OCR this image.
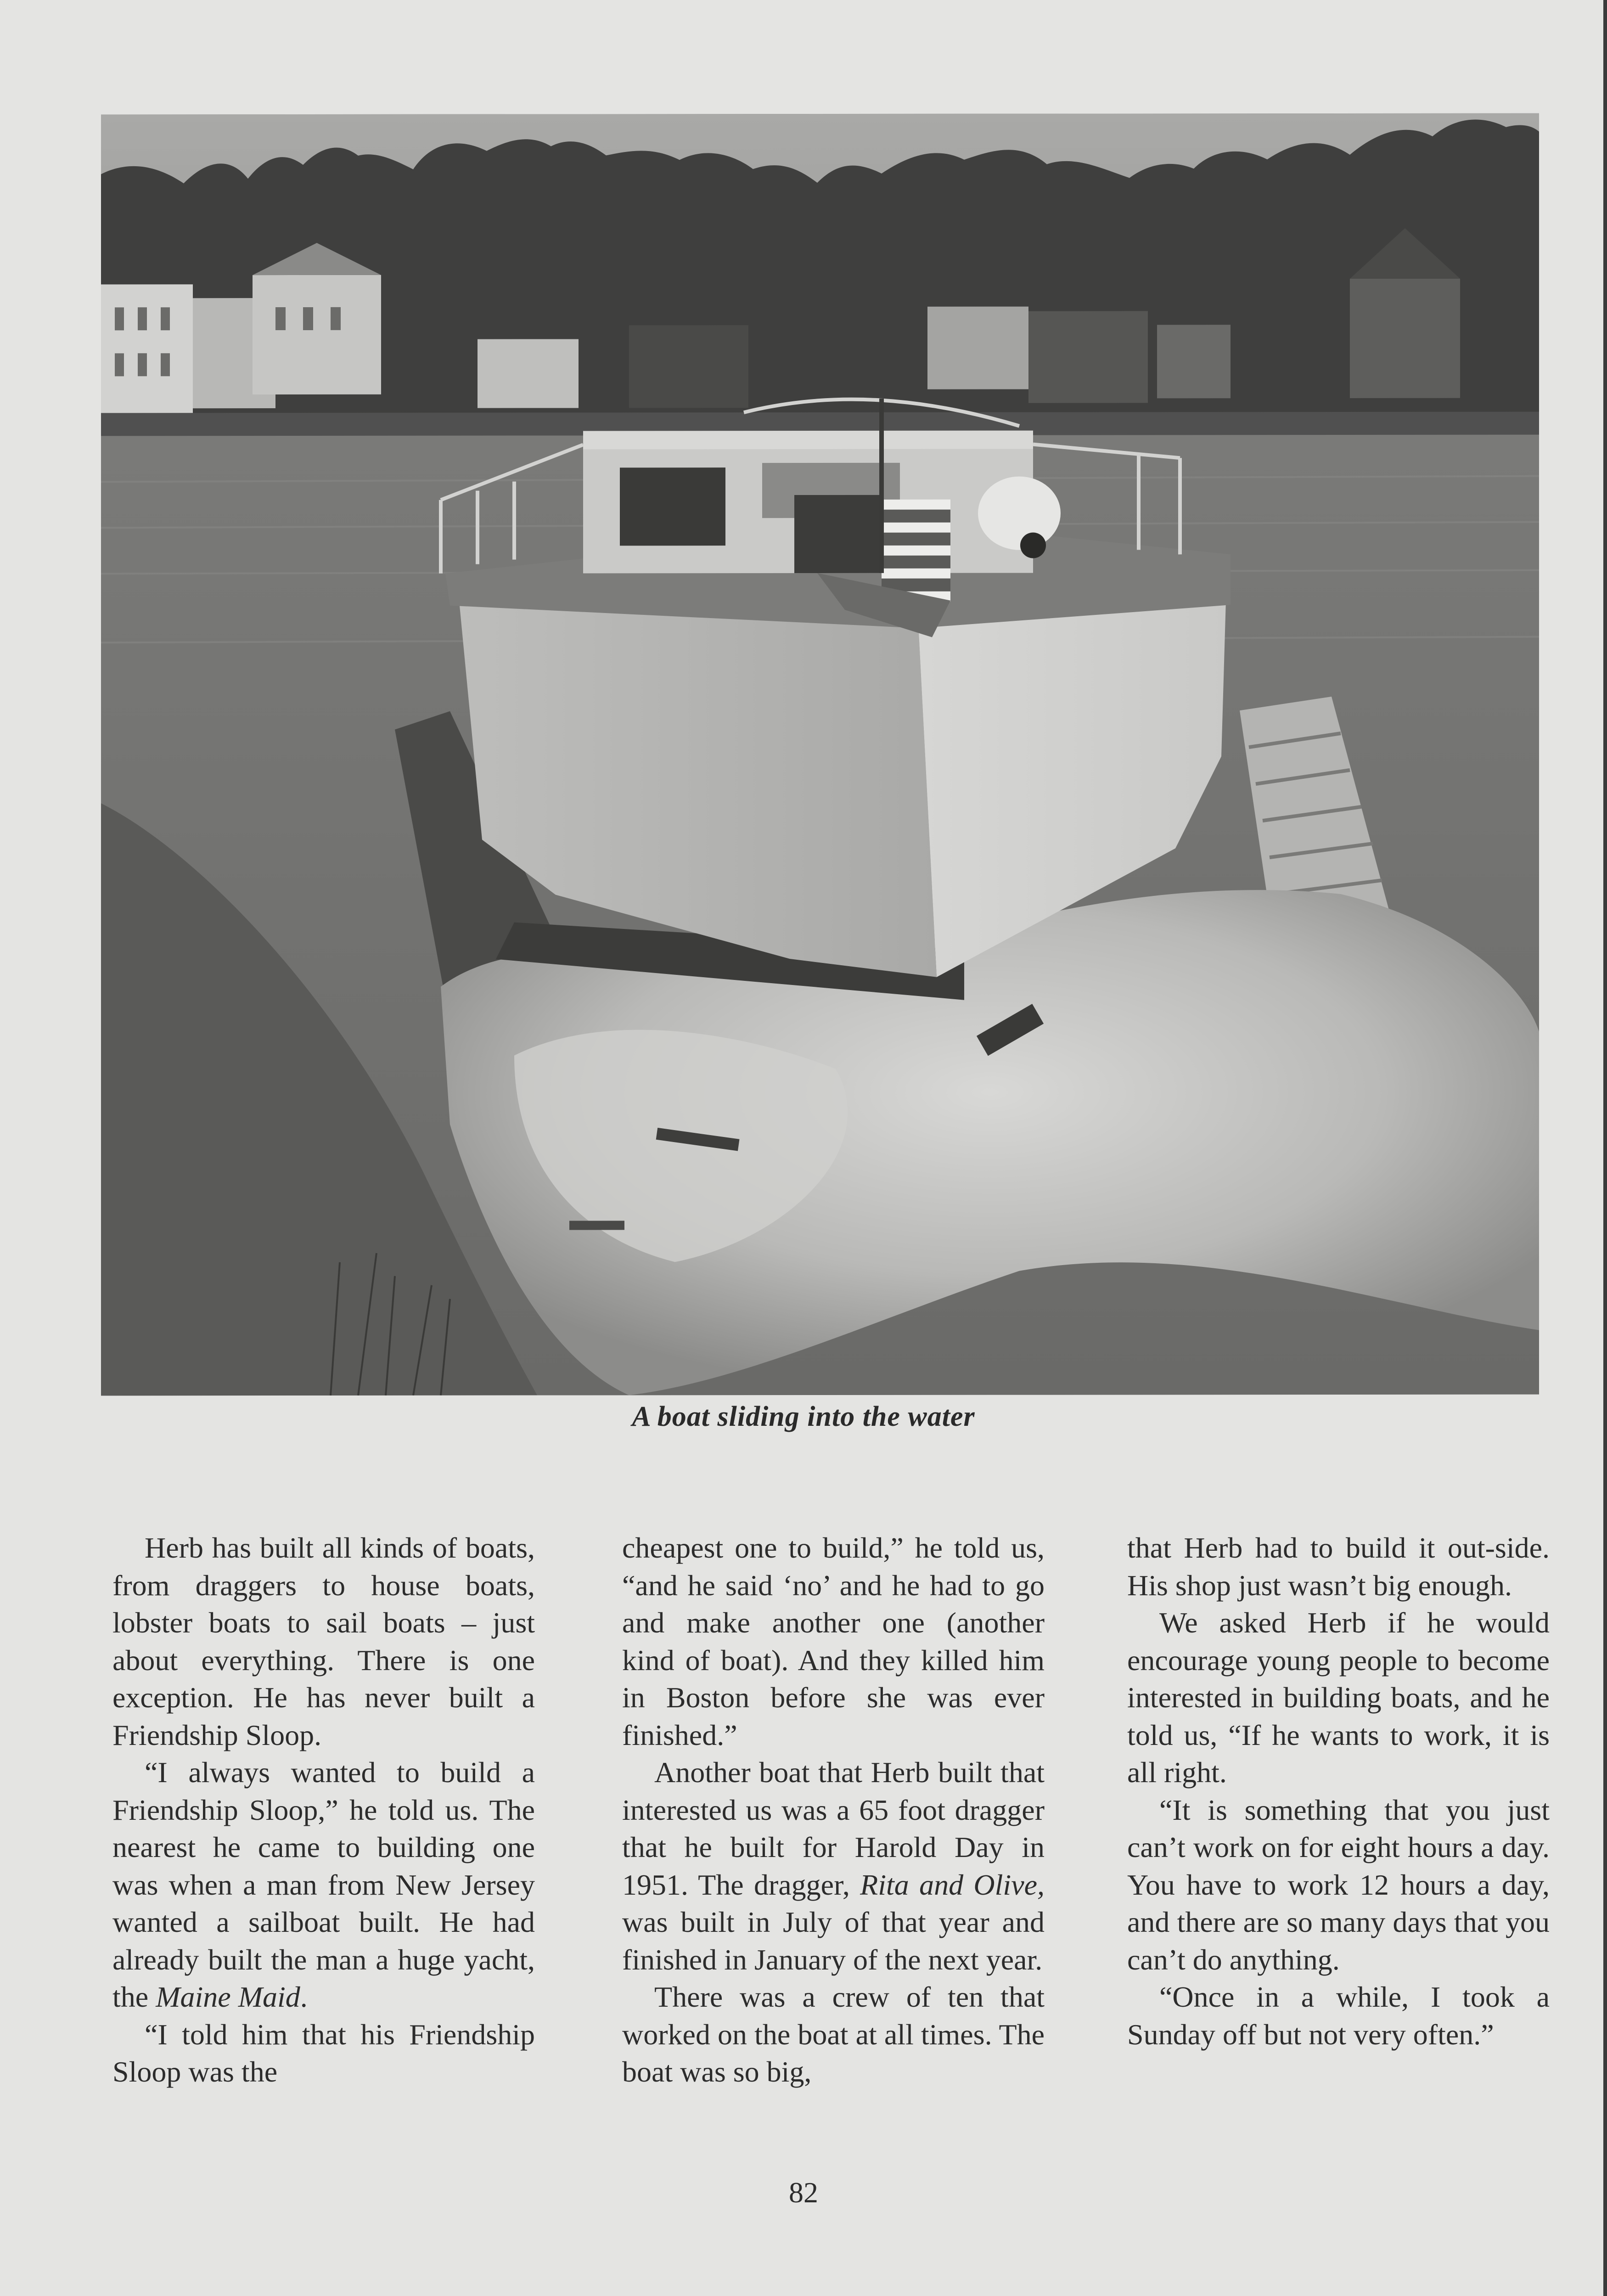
A boat sliding into the water

Herb has built all kinds of boats, from draggers to house boats, lobster boats to sail boats – just about everything. There is one exception. He has never built a Friendship Sloop.

“I always wanted to build a Friendship Sloop,” he told us. The nearest he came to building one was when a man from New Jersey wanted a sailboat built. He had already built the man a huge yacht, the Maine Maid.

“I told him that his Friendship Sloop was the

cheapest one to build,” he told us, “and he said ‘no’ and he had to go and make another one (another kind of boat). And they killed him in Boston before she was ever finished.”

Another boat that Herb built that interested us was a 65 foot dragger that he built for Harold Day in 1951. The dragger, Rita and Olive, was built in July of that year and finished in January of the next year.

There was a crew of ten that worked on the boat at all times. The boat was so big,

that Herb had to build it out-side. His shop just wasn’t big enough.

We asked Herb if he would encourage young people to become interested in building boats, and he told us, “If he wants to work, it is all right.

“It is something that you just can’t work on for eight hours a day. You have to work 12 hours a day, and there are so many days that you can’t do anything.

“Once in a while, I took a Sunday off but not very often.”

82
